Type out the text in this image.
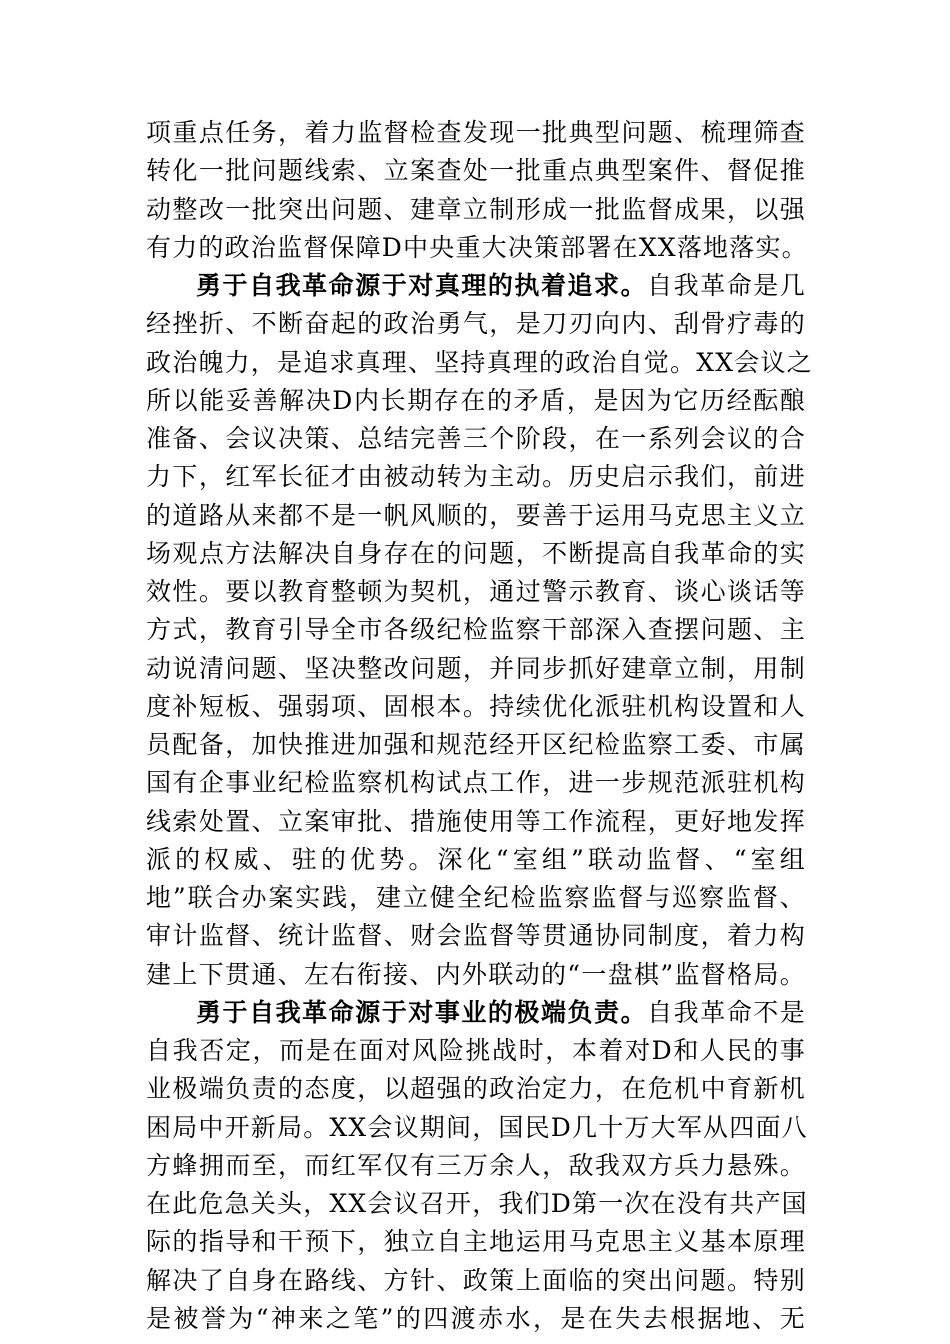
项重点任务，着力监督检查发现一批典型问题、梳理筛查
转化一批问题线索、立案查处一批重点典型案件、督促推
动整改一批突出问题、建章立制形成一批监督成果，以强
有力的政治监督保障D中央重大决策部署在XX落地落实。
勇于自我革命源于对真理的执着追求。自我革命是几
经挫折、不断奋起的政治勇气，是刀刃向内、刮骨疗毒的
政治魄力，是追求真理、坚持真理的政治自觉。XX会议之
所以能妥善解决D内长期存在的矛盾，是因为它历经酝酿
准备、会议决策、总结完善三个阶段，在一系列会议的合
力下，红军长征才由被动转为主动。历史启示我们，前进
的道路从来都不是一帆风顺的，要善于运用马克思主义立
场观点方法解决自身存在的问题，不断提高自我革命的实
效性。要以教育整顿为契机，通过警示教育、谈心谈话等
方式，教育引导全市各级纪检监察干部深入查摆问题、主
动说清问题、坚决整改问题，并同步抓好建章立制，用制
度补短板、强弱项、固根本。持续优化派驻机构设置和人
员配备，加快推进加强和规范经开区纪检监察工委、市属
国有企事业纪检监察机构试点工作，进一步规范派驻机构
线索处置、立案审批、措施使用等工作流程，更好地发挥
派的权威、驻的优势。深化“室组”联动监督、“室组
地”联合办案实践，建立健全纪检监察监督与巡察监督、
审计监督、统计监督、财会监督等贯通协同制度，着力构
建上下贯通、左右衔接、内外联动的“一盘棋”监督格局。
勇于自我革命源于对事业的极端负责。自我革命不是
自我否定，而是在面对风险挑战时，本着对D和人民的事
业极端负责的态度，以超强的政治定力，在危机中育新机
困局中开新局。XX会议期间，国民D几十万大军从四面八
方蜂拥而至，而红军仅有三万余人，敌我双方兵力悬殊。
在此危急关头，XX会议召开，我们D第一次在没有共产国
际的指导和干预下，独立自主地运用马克思主义基本原理
解决了自身在路线、方针、政策上面临的突出问题。特别
是被誉为“神来之笔”的四渡赤水，是在失去根据地、无
